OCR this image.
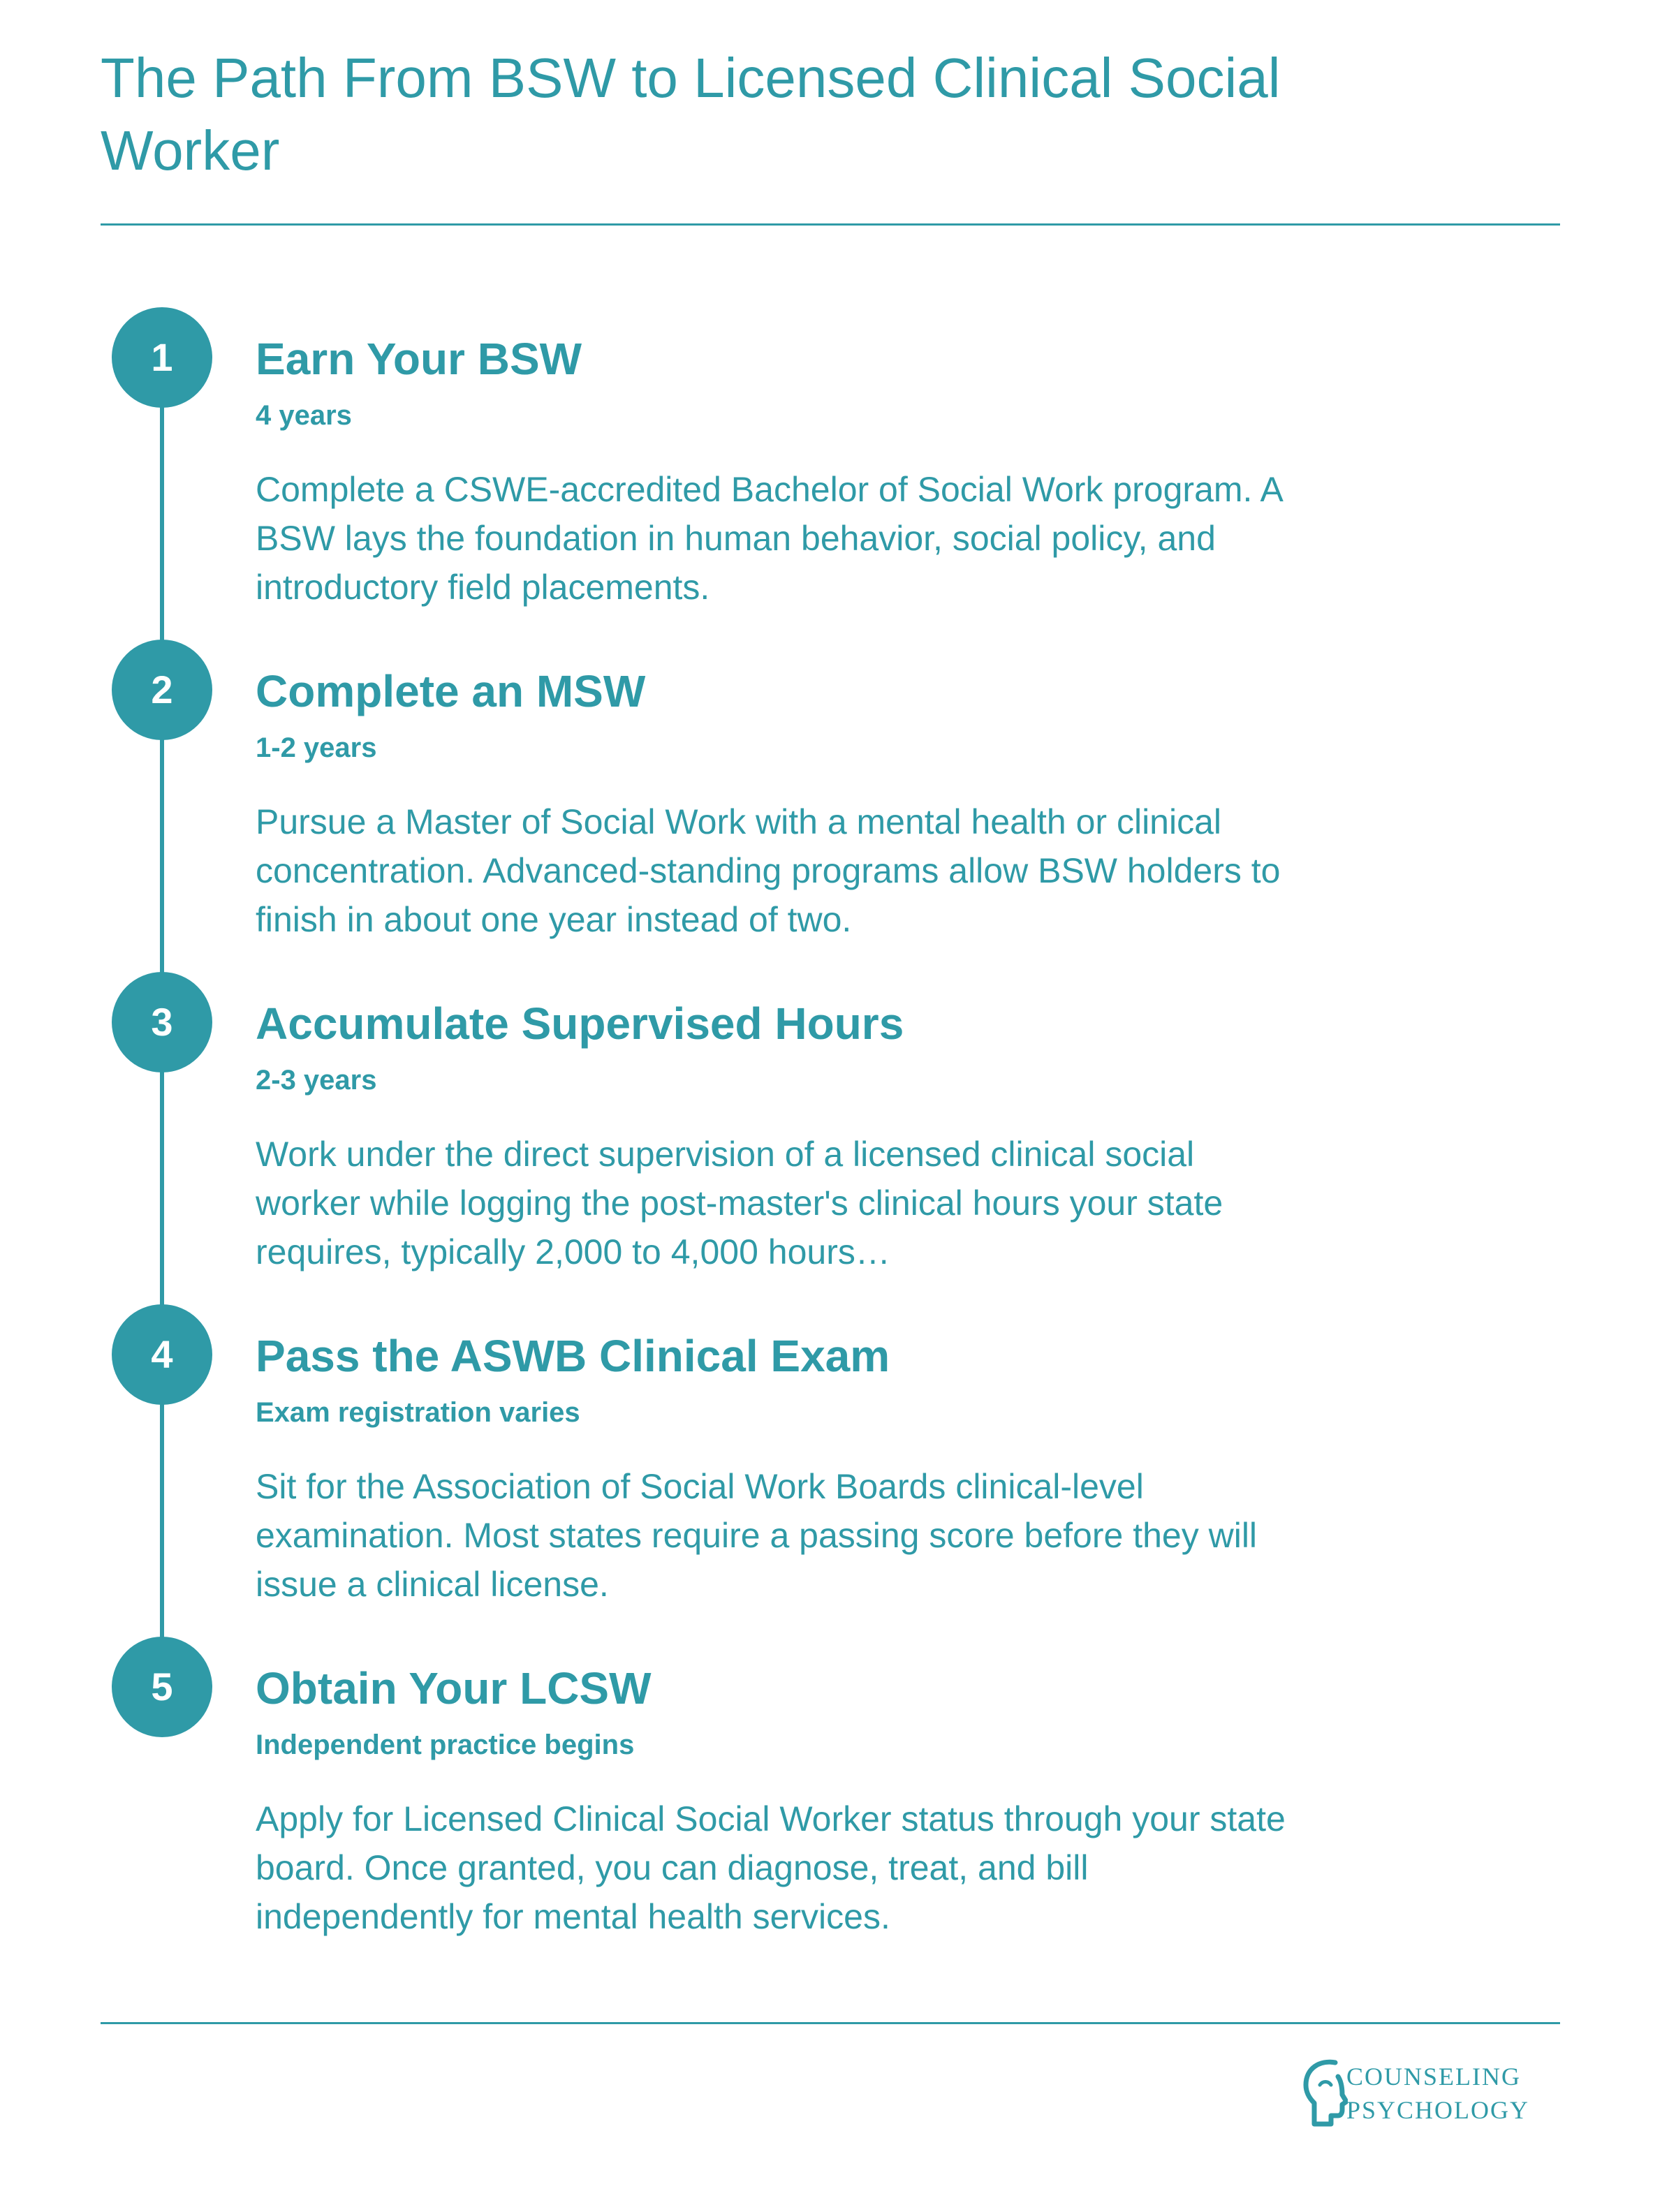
The Path From BSW to Licensed Clinical Social Worker
1	Earn Your BSW
4 years
Complete a CSWE-accredited Bachelor of Social Work program. A BSW lays the foundation in human behavior, social policy, and introductory field placements.
2	Complete an MSW
1-2 years
Pursue a Master of Social Work with a mental health or clinical concentration. Advanced-standing programs allow BSW holders to finish in about one year instead of two.
3	Accumulate Supervised Hours
2-3 years
Work under the direct supervision of a licensed clinical social worker while logging the post-master's clinical hours your state requires, typically 2,000 to 4,000 hours…
4	Pass the ASWB Clinical Exam
Exam registration varies
Sit for the Association of Social Work Boards clinical-level examination. Most states require a passing score before they will issue a clinical license.
5	Obtain Your LCSW
Independent practice begins
Apply for Licensed Clinical Social Worker status through your state board. Once granted, you can diagnose, treat, and bill independently for mental health services.
COUNSELING
PSYCHOLOGY
